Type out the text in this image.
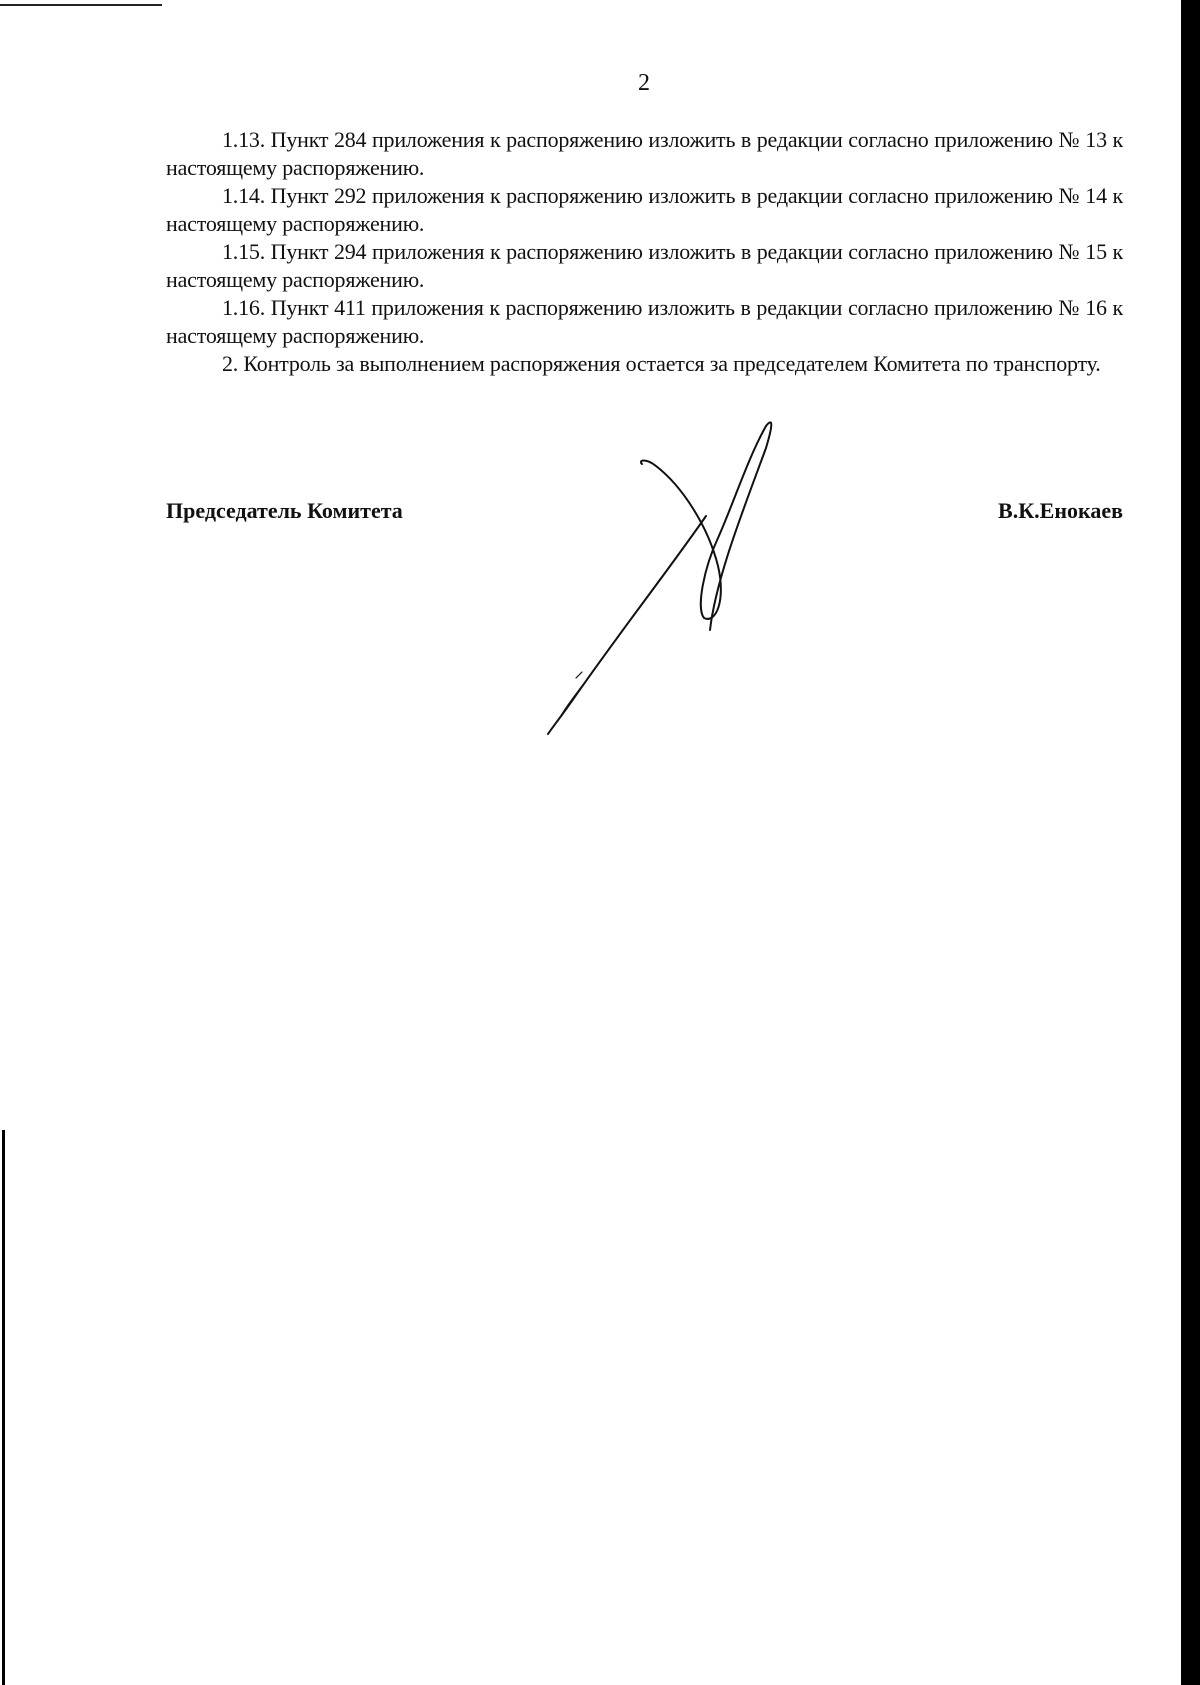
2

1.13. Пункт 284 приложения к распоряжению изложить в редакции согласно приложению № 13 к настоящему распоряжению.

1.14. Пункт 292 приложения к распоряжению изложить в редакции согласно приложению № 14 к настоящему распоряжению.

1.15. Пункт 294 приложения к распоряжению изложить в редакции согласно приложению № 15 к настоящему распоряжению.

1.16. Пункт 411 приложения к распоряжению изложить в редакции согласно приложению № 16 к настоящему распоряжению.

2. Контроль за выполнением распоряжения остается за председателем Комитета по транспорту.

Председатель Комитета	В.К.Енокаев
